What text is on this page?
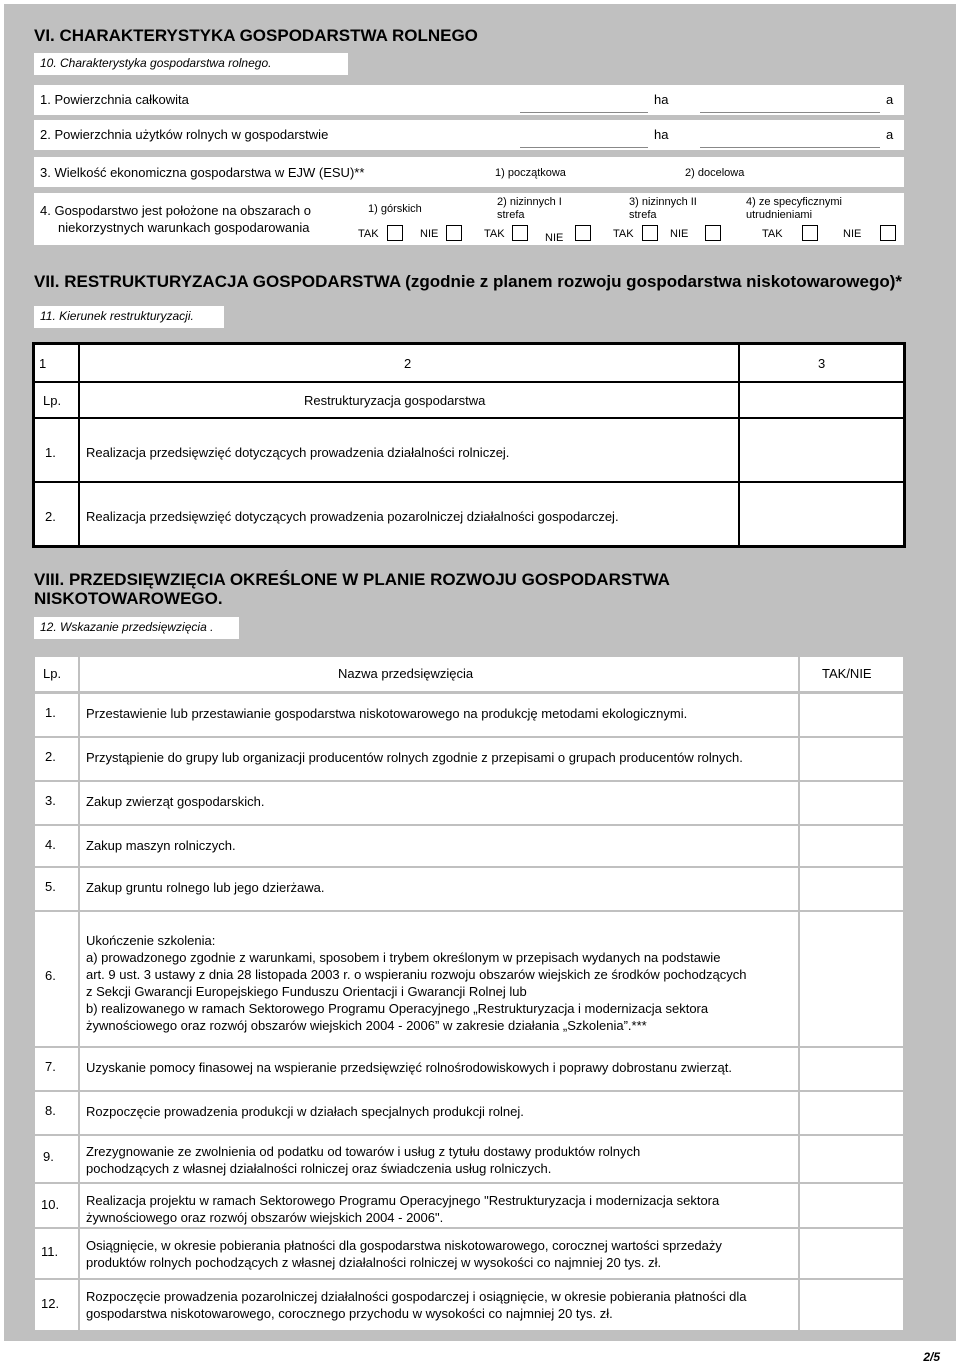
VI. CHARAKTERYSTYKA GOSPODARSTWA ROLNEGO
10. Charakterystyka gospodarstwa rolnego.
1. Powierzchnia całkowita	ha	a
2. Powierzchnia użytków rolnych w gospodarstwie	ha	a
3. Wielkość ekonomiczna gospodarstwa w EJW (ESU)**	1) początkowa	2) docelowa
4. Gospodarstwo jest położone na obszarach o
niekorzystnych warunkach gospodarowania
1) górskich
TAK	NIE
2) nizinnych I strefa
TAK	NIE
3) nizinnych II strefa
TAK	NIE
4) ze specyficznymi utrudnieniami
TAK	NIE
VII. RESTRUKTURYZACJA GOSPODARSTWA (zgodnie z planem rozwoju gospodarstwa niskotowarowego)*
11. Kierunek restrukturyzacji.
1	2	3
Lp.	Restrukturyzacja gospodarstwa
1. Realizacja przedsięwzięć dotyczących prowadzenia działalności rolniczej.
2. Realizacja przedsięwzięć dotyczących prowadzenia pozarolniczej działalności gospodarczej.
VIII. PRZEDSIĘWZIĘCIA OKREŚLONE W PLANIE ROZWOJU GOSPODARSTWA
NISKOTOWAROWEGO.
12. Wskazanie przedsięwzięcia .
Lp.	Nazwa przedsięwzięcia	TAK/NIE
1. Przestawienie lub przestawianie gospodarstwa niskotowarowego na produkcję metodami ekologicznymi.
2. Przystąpienie do grupy lub organizacji producentów rolnych zgodnie z przepisami o grupach producentów rolnych.
3. Zakup zwierząt gospodarskich.
4. Zakup maszyn rolniczych.
5. Zakup gruntu rolnego lub jego dzierżawa.
6.
Ukończenie szkolenia:
a) prowadzonego zgodnie z warunkami, sposobem i trybem określonym w przepisach wydanych na podstawie
art. 9 ust. 3 ustawy z dnia 28 listopada 2003 r. o wspieraniu rozwoju obszarów wiejskich ze środków pochodzących
z Sekcji Gwarancji Europejskiego Funduszu Orientacji i Gwarancji Rolnej lub
b) realizowanego w ramach Sektorowego Programu Operacyjnego „Restrukturyzacja i modernizacja sektora
żywnościowego oraz rozwój obszarów wiejskich 2004 - 2006” w zakresie działania „Szkolenia”.***
7. Uzyskanie pomocy finasowej na wspieranie przedsięwzięć rolnośrodowiskowych i poprawy dobrostanu zwierząt.
8. Rozpoczęcie prowadzenia produkcji w działach specjalnych produkcji rolnej.
9. Zrezygnowanie ze zwolnienia od podatku od towarów i usług z tytułu dostawy produktów rolnych
pochodzących z własnej działalności rolniczej oraz świadczenia usług rolniczych.
10. Realizacja projektu w ramach Sektorowego Programu Operacyjnego "Restrukturyzacja i modernizacja sektora
żywnościowego oraz rozwój obszarów wiejskich 2004 - 2006".
11. Osiągnięcie, w okresie pobierania płatności dla gospodarstwa niskotowarowego, corocznej wartości sprzedaży
produktów rolnych pochodzących z własnej działalności rolniczej w wysokości co najmniej 20 tys. zł.
12. Rozpoczęcie prowadzenia pozarolniczej działalności gospodarczej i osiągnięcie, w okresie pobierania płatności dla
gospodarstwa niskotowarowego, corocznego przychodu w wysokości co najmniej 20 tys. zł.
2/5
